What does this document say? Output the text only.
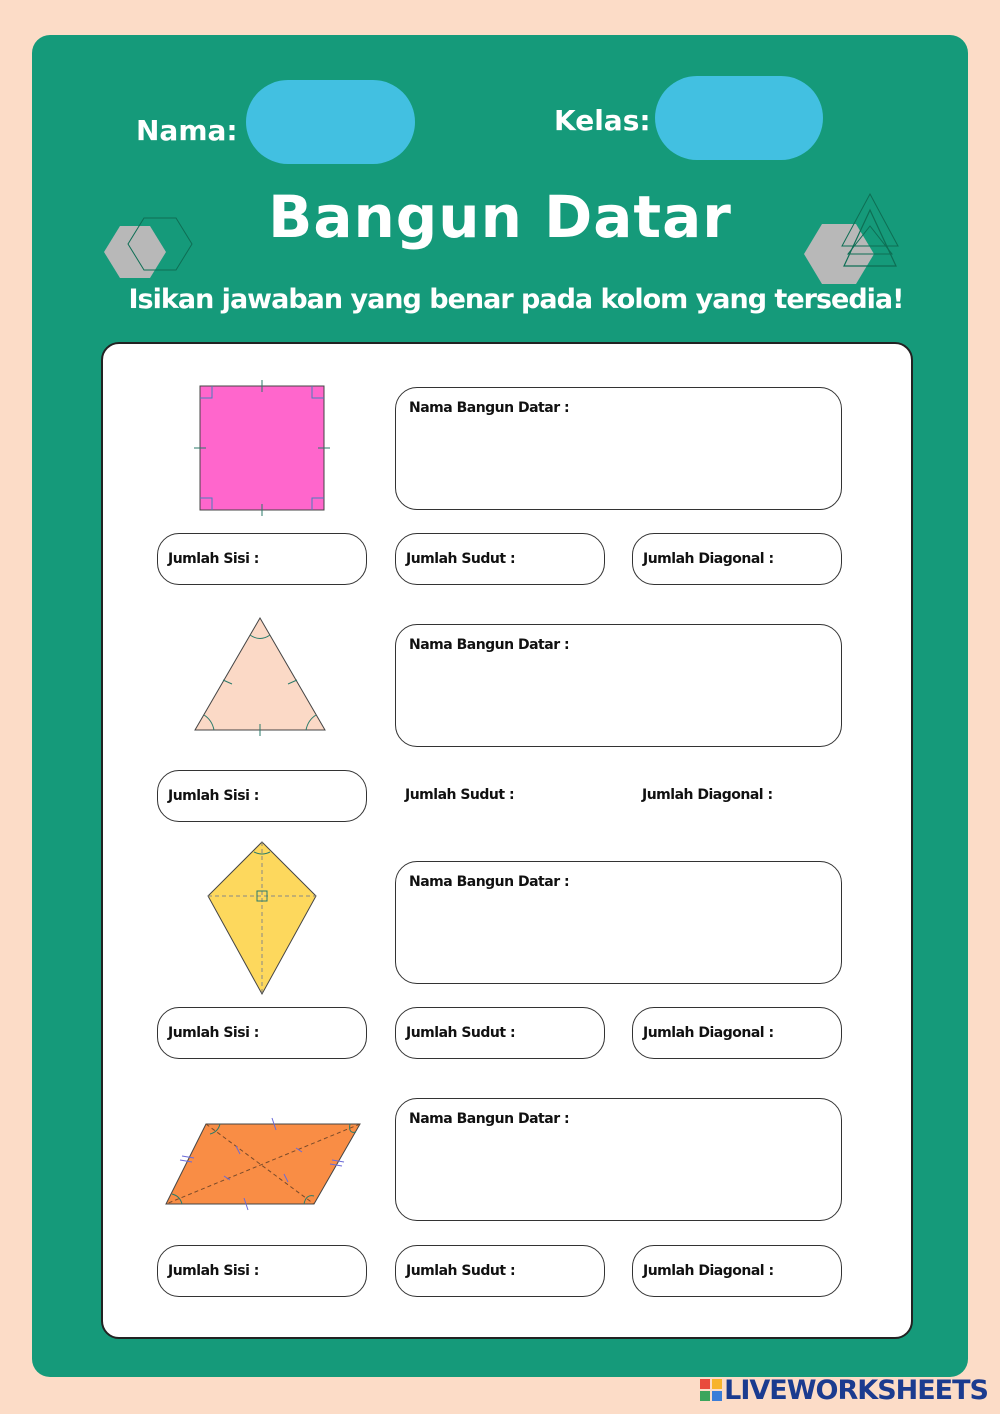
Nama:	Kelas:
Bangun Datar
Isikan jawaban yang benar pada kolom yang tersedia!
Nama Bangun Datar :
Jumlah Sisi :	Jumlah Sudut :	Jumlah Diagonal :
Nama Bangun Datar :
Jumlah Sisi :	Jumlah Sudut :	Jumlah Diagonal :
Nama Bangun Datar :
Jumlah Sisi :	Jumlah Sudut :	Jumlah Diagonal :
Nama Bangun Datar :
Jumlah Sisi :	Jumlah Sudut :	Jumlah Diagonal :
LIVEWORKSHEETS
